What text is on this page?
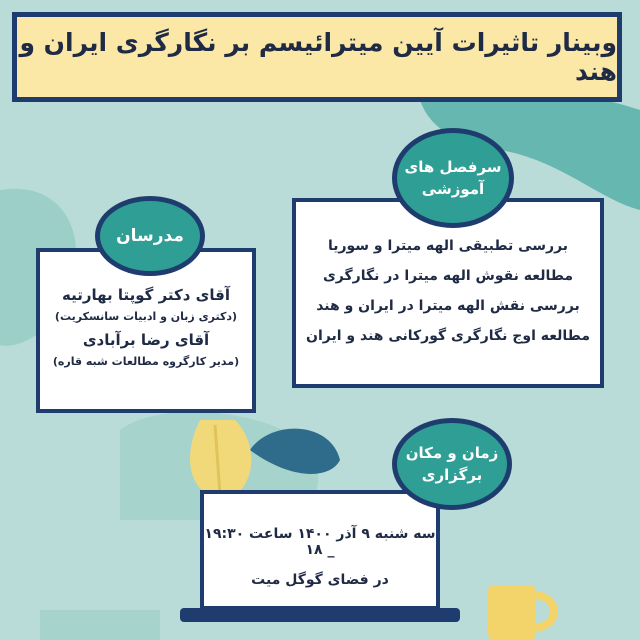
وبینار تاثیرات آیین میترائیسم بر نگارگری ایران و هند
آقای دکتر گوپتا بهارتیه
(دکتری زبان و ادبیات سانسکریت)
آقای رضا برآبادی
(مدیر کارگروه مطالعات شبه قاره)
مدرسان	بررسی تطبیقی الهه میترا و سوریا
مطالعه نقوش الهه میترا در نگارگری
بررسی نقش الهه میترا در ایران و هند
مطالعه اوج نگارگری گورکانی هند و ایران
سرفصل های
آموزشی
سه شنبه ۹ آذر ۱۴۰۰ ساعت ۱۹:۳۰ _ ۱۸
در فضای گوگل میت
زمان و مکان
برگزاری
